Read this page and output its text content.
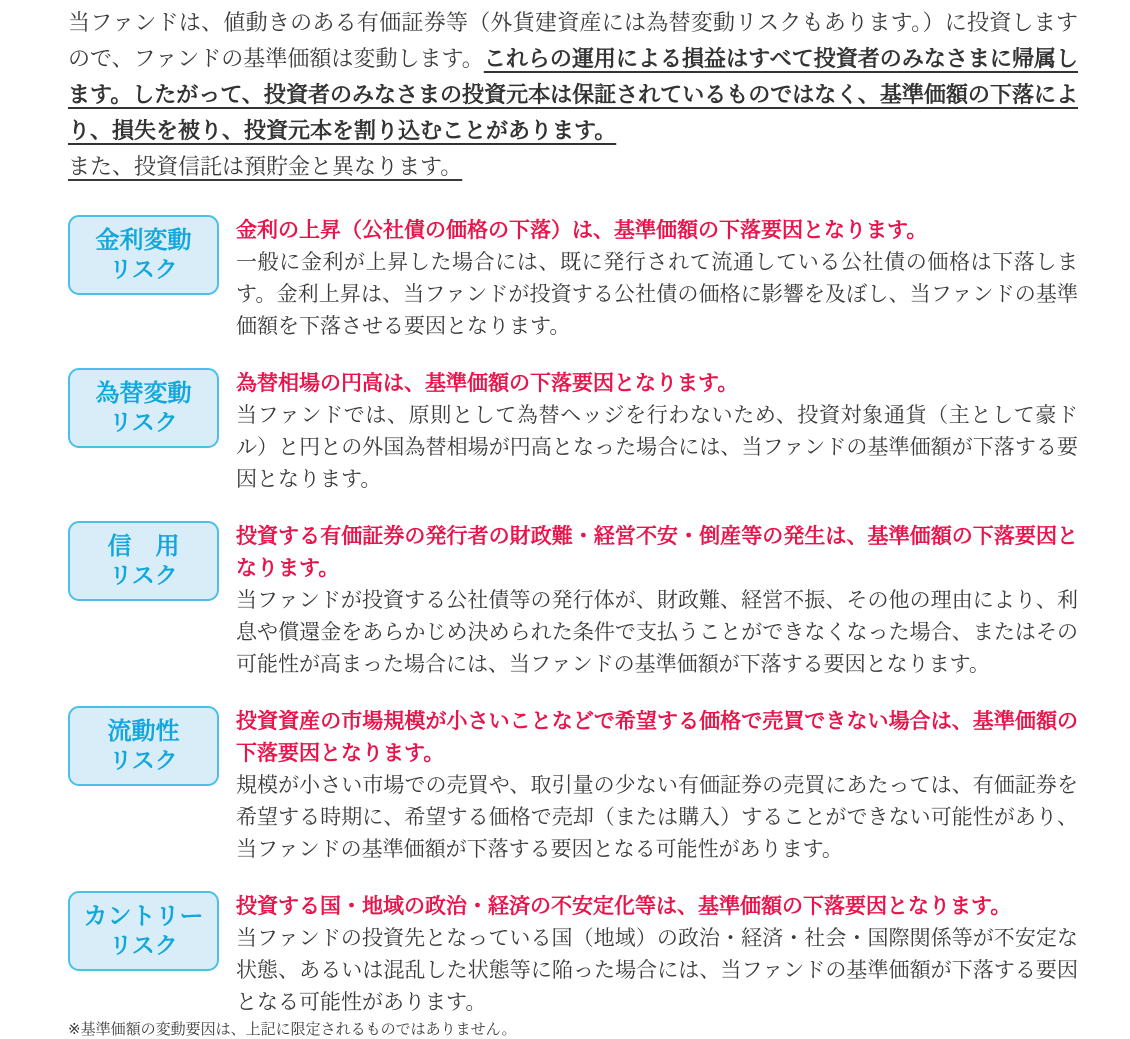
当ファンドは、値動きのある有価証券等（外貨建資産には為替変動リスクもあります。）に投資しますので、ファンドの基準価額は変動します。これらの運用による損益はすべて投資者のみなさまに帰属します。したがって、投資者のみなさまの投資元本は保証されているものではなく、基準価額の下落により、損失を被り、投資元本を割り込むことがあります。

また、投資信託は預貯金と異なります。

金利変動
リスク

金利の上昇（公社債の価格の下落）は、基準価額の下落要因となります。

一般に金利が上昇した場合には、既に発行されて流通している公社債の価格は下落します。金利上昇は、当ファンドが投資する公社債の価格に影響を及ぼし、当ファンドの基準価額を下落させる要因となります。

為替変動
リスク

為替相場の円高は、基準価額の下落要因となります。

当ファンドでは、原則として為替ヘッジを行わないため、投資対象通貨（主として豪ドル）と円との外国為替相場が円高となった場合には、当ファンドの基準価額が下落する要因となります。

信　用
リスク

投資する有価証券の発行者の財政難・経営不安・倒産等の発生は、基準価額の下落要因となります。

当ファンドが投資する公社債等の発行体が、財政難、経営不振、その他の理由により、利息や償還金をあらかじめ決められた条件で支払うことができなくなった場合、またはその可能性が高まった場合には、当ファンドの基準価額が下落する要因となります。

流動性
リスク

投資資産の市場規模が小さいことなどで希望する価格で売買できない場合は、基準価額の下落要因となります。

規模が小さい市場での売買や、取引量の少ない有価証券の売買にあたっては、有価証券を希望する時期に、希望する価格で売却（または購入）することができない可能性があり、当ファンドの基準価額が下落する要因となる可能性があります。

カントリー
リスク

投資する国・地域の政治・経済の不安定化等は、基準価額の下落要因となります。

当ファンドの投資先となっている国（地域）の政治・経済・社会・国際関係等が不安定な状態、あるいは混乱した状態等に陥った場合には、当ファンドの基準価額が下落する要因となる可能性があります。

※基準価額の変動要因は、上記に限定されるものではありません。
